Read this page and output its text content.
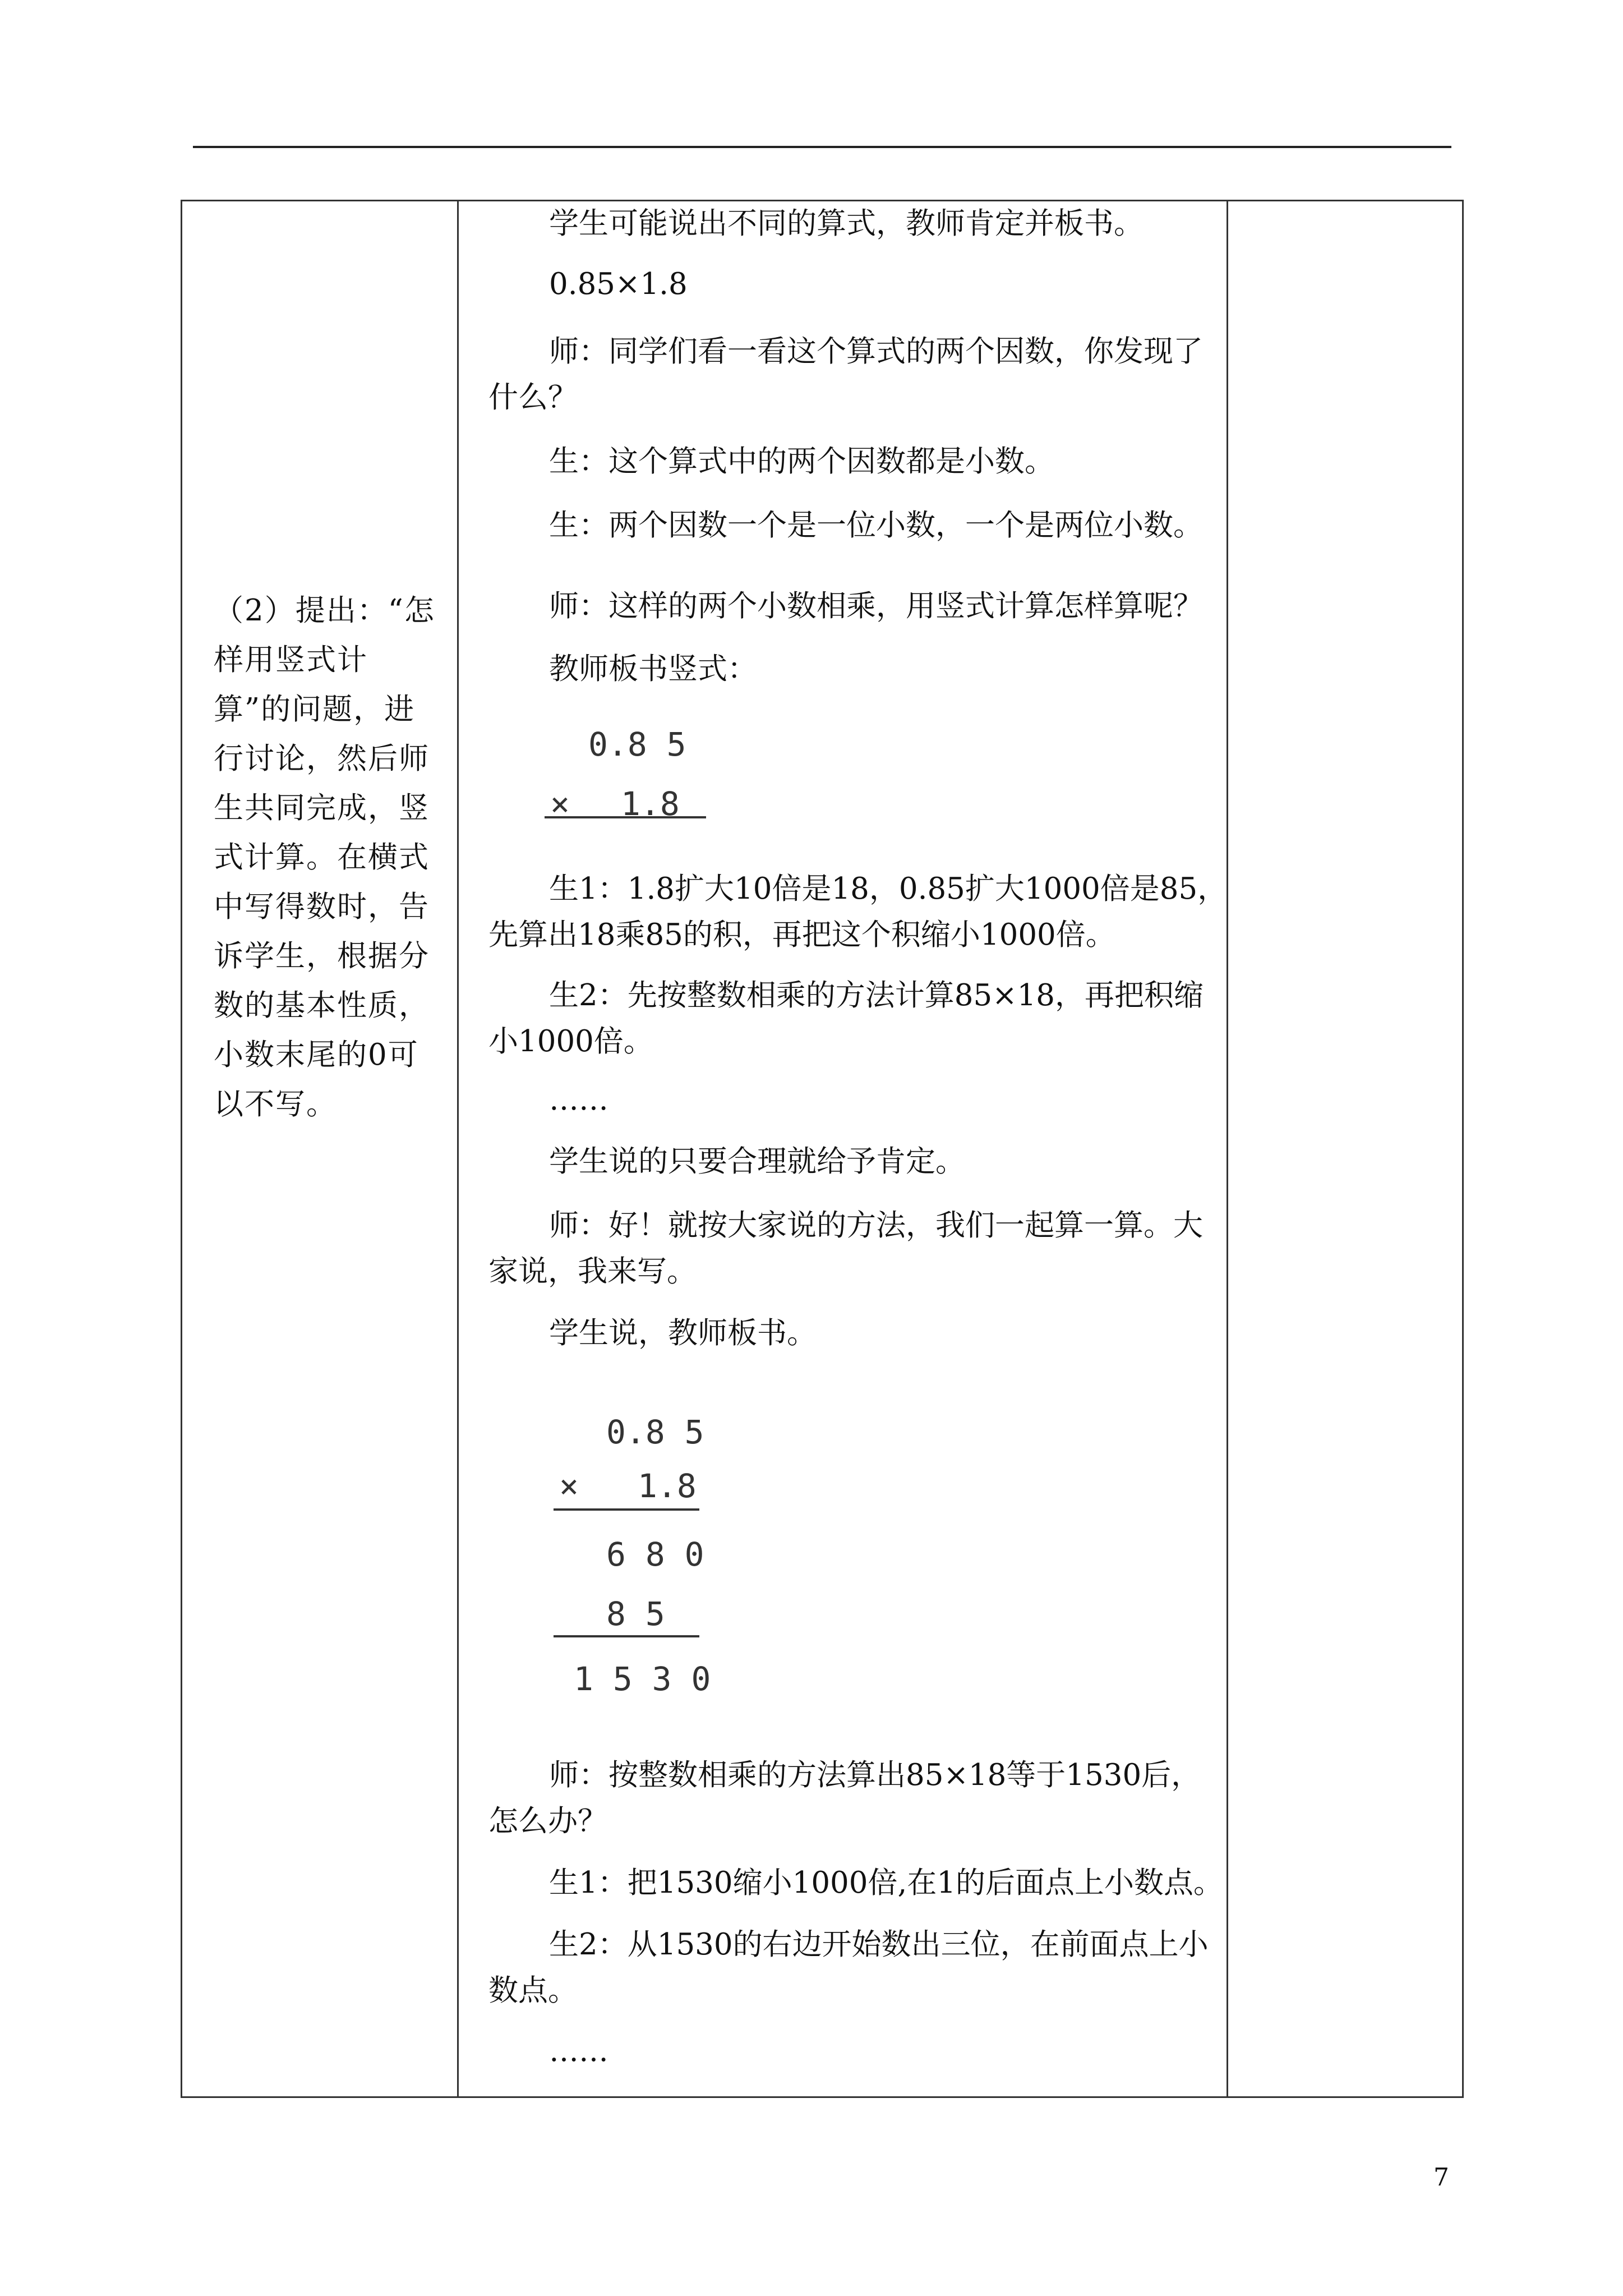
（2）提出：“怎样用竖式计算”的问题，进行讨论，然后师生共同完成，竖式计算。在横式中写得数时，告诉学生，根据分数的基本性质，小数末尾的0可以不写。
学生可能说出不同的算式，教师肯定并板书。
0.85×1.8
师：同学们看一看这个算式的两个因数，你发现了
什么？
生：这个算式中的两个因数都是小数。
生：两个因数一个是一位小数，一个是两位小数。
师：这样的两个小数相乘，用竖式计算怎样算呢？
教师板书竖式：
0.8 5
× 1.8
生1：1.8扩大10倍是18，0.85扩大1000倍是85，
先算出18乘85的积，再把这个积缩小1000倍。
生2：先按整数相乘的方法计算85×18，再把积缩
小1000倍。
……
学生说的只要合理就给予肯定。
师：好！就按大家说的方法，我们一起算一算。大
家说，我来写。
学生说，教师板书。
0.8 5
× 1.8
6 8 0
8 5
1 5 3 0
师：按整数相乘的方法算出85×18等于1530后，
怎么办？
生1：把1530缩小1000倍,在1的后面点上小数点。
生2：从1530的右边开始数出三位，在前面点上小
数点。
……
7
